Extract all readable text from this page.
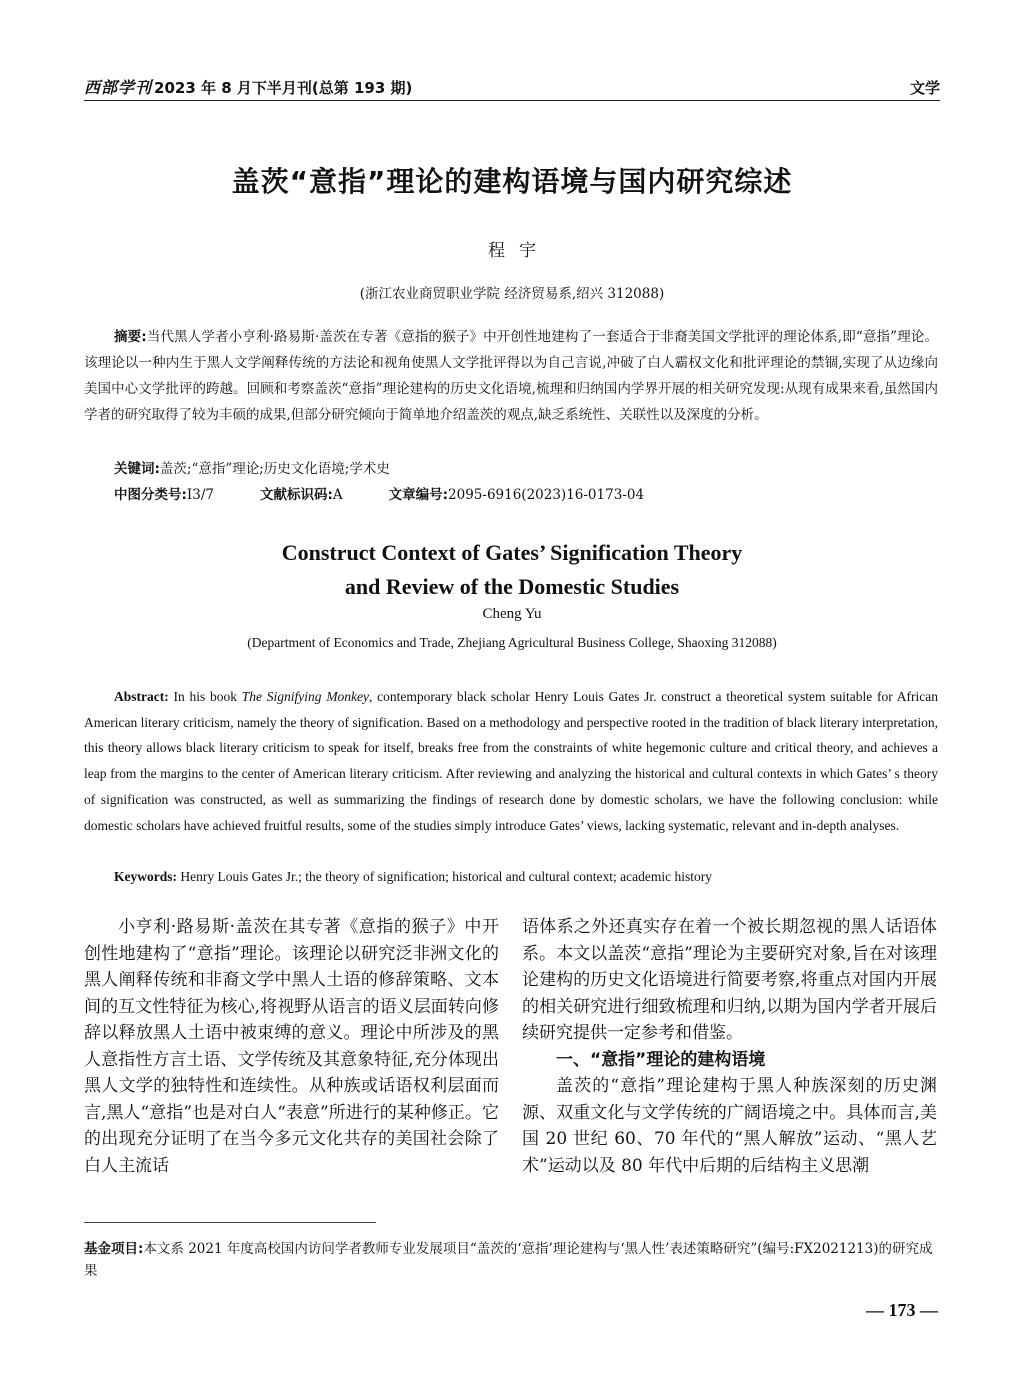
西部学刊 2023 年 8 月下半月刊(总第 193 期)	文学
盖茨“意指”理论的建构语境与国内研究综述
程宇
(浙江农业商贸职业学院 经济贸易系,绍兴 312088)
摘要:当代黑人学者小亨利·路易斯·盖茨在专著《意指的猴子》中开创性地建构了一套适合于非裔美国文学批评的理论体系,即“意指”理论。该理论以一种内生于黑人文学阐释传统的方法论和视角使黑人文学批评得以为自己言说,冲破了白人霸权文化和批评理论的禁锢,实现了从边缘向美国中心文学批评的跨越。回顾和考察盖茨“意指”理论建构的历史文化语境,梳理和归纳国内学界开展的相关研究发现:从现有成果来看,虽然国内学者的研究取得了较为丰硕的成果,但部分研究倾向于简单地介绍盖茨的观点,缺乏系统性、关联性以及深度的分析。
关键词:盖茨;“意指”理论;历史文化语境;学术史
中图分类号:I3/7	文献标识码:A	文章编号:2095-6916(2023)16-0173-04
Construct Context of Gates’ Signification Theory
and Review of the Domestic Studies
Cheng Yu
(Department of Economics and Trade, Zhejiang Agricultural Business College, Shaoxing 312088)
Abstract: In his book The Signifying Monkey, contemporary black scholar Henry Louis Gates Jr. construct a theoretical system suitable for African American literary criticism, namely the theory of signification. Based on a methodology and perspective rooted in the tradition of black literary interpretation, this theory allows black literary criticism to speak for itself, breaks free from the constraints of white hegemonic culture and critical theory, and achieves a leap from the margins to the center of American literary criticism. After reviewing and analyzing the historical and cultural contexts in which Gates’ s theory of signification was constructed, as well as summarizing the findings of research done by domestic scholars, we have the following conclusion: while domestic scholars have achieved fruitful results, some of the studies simply introduce Gates’ views, lacking systematic, relevant and in-depth analyses.
Keywords: Henry Louis Gates Jr.; the theory of signification; historical and cultural context; academic history

小亨利·路易斯·盖茨在其专著《意指的猴子》中开创性地建构了“意指”理论。该理论以研究泛非洲文化的黑人阐释传统和非裔文学中黑人土语的修辞策略、文本间的互文性特征为核心,将视野从语言的语义层面转向修辞以释放黑人土语中被束缚的意义。理论中所涉及的黑人意指性方言土语、文学传统及其意象特征,充分体现出黑人文学的独特性和连续性。从种族或话语权利层面而言,黑人“意指”也是对白人“表意”所进行的某种修正。它的出现充分证明了在当今多元文化共存的美国社会除了白人主流话

语体系之外还真实存在着一个被长期忽视的黑人话语体系。本文以盖茨“意指”理论为主要研究对象,旨在对该理论建构的历史文化语境进行简要考察,将重点对国内开展的相关研究进行细致梳理和归纳,以期为国内学者开展后续研究提供一定参考和借鉴。

一、“意指”理论的建构语境

盖茨的“意指”理论建构于黑人种族深刻的历史渊源、双重文化与文学传统的广阔语境之中。具体而言,美国 20 世纪 60、70 年代的“黑人解放”运动、“黑人艺术”运动以及 80 年代中后期的后结构主义思潮

基金项目:本文系 2021 年度高校国内访问学者教师专业发展项目“盖茨的‘意指’理论建构与‘黑人性’表述策略研究”(编号:FX2021213)的研究成果
— 173 —
